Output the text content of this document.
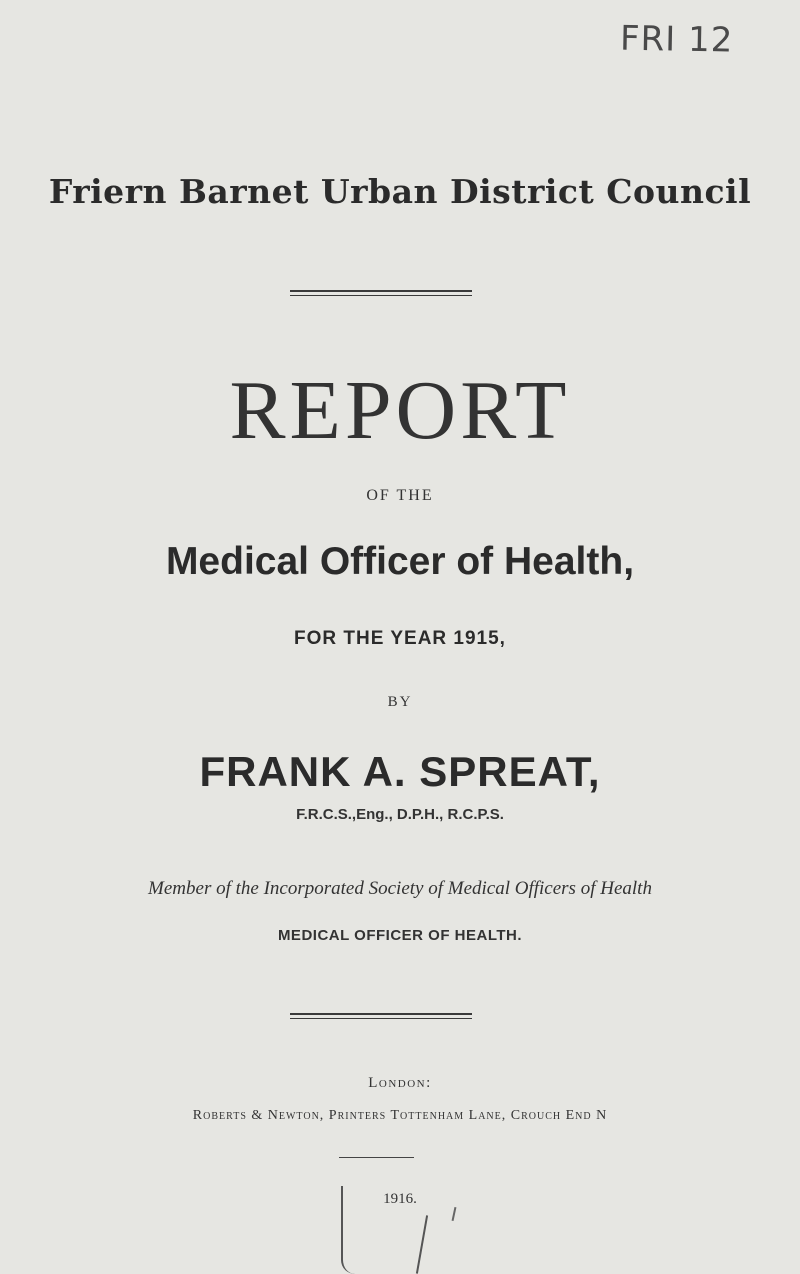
FRI 12
Friern Barnet Urban District Council
REPORT
OF THE
Medical Officer of Health,
FOR THE YEAR 1915,
BY
FRANK A. SPREAT,
F.R.C.S.,Eng., D.P.H., R.C.P.S.
Member of the Incorporated Society of Medical Officers of Health
MEDICAL OFFICER OF HEALTH.
London:
Roberts & Newton, Printers Tottenham Lane, Crouch End N
1916.
